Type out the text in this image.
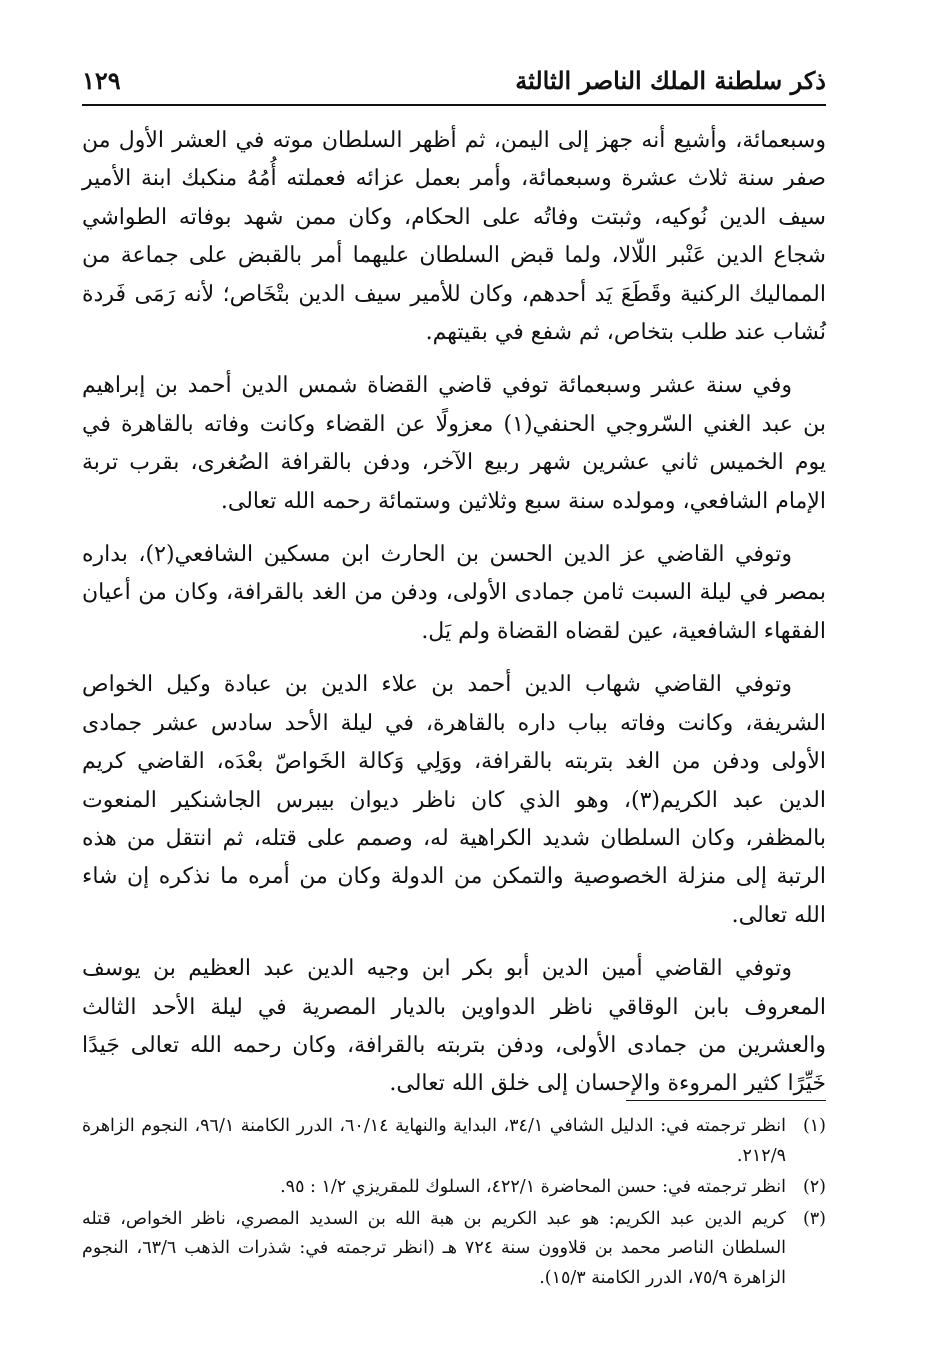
ذكر سلطنة الملك الناصر الثالثة
١٢٩

وسبعمائة، وأشيع أنه جهز إلى اليمن، ثم أظهر السلطان موته في العشر الأول من صفر سنة ثلاث عشرة وسبعمائة، وأمر بعمل عزائه فعملته أُمُهُ منكبك ابنة الأمير سيف الدين نُوكيه، وثبتت وفاتُه على الحكام، وكان ممن شهد بوفاته الطواشي شجاع الدين عَنْبر اللّالا، ولما قبض السلطان عليهما أمر بالقبض على جماعة من المماليك الركنية وقَطَعَ يَد أحدهم، وكان للأمير سيف الدين بتْخَاص؛ لأنه رَمَى فَردة نُشاب عند طلب بتخاص، ثم شفع في بقيتهم.

وفي سنة عشر وسبعمائة توفي قاضي القضاة شمس الدين أحمد بن إبراهيم بن عبد الغني السّروجي الحنفي(١) معزولًا عن القضاء وكانت وفاته بالقاهرة في يوم الخميس ثاني عشرين شهر ربيع الآخر، ودفن بالقرافة الصُغرى، بقرب تربة الإمام الشافعي، ومولده سنة سبع وثلاثين وستمائة رحمه الله تعالى.

وتوفي القاضي عز الدين الحسن بن الحارث ابن مسكين الشافعي(٢)، بداره بمصر في ليلة السبت ثامن جمادى الأولى، ودفن من الغد بالقرافة، وكان من أعيان الفقهاء الشافعية، عين لقضاه القضاة ولم يَل.

وتوفي القاضي شهاب الدين أحمد بن علاء الدين بن عبادة وكيل الخواص الشريفة، وكانت وفاته بباب داره بالقاهرة، في ليلة الأحد سادس عشر جمادى الأولى ودفن من الغد بتربته بالقرافة، ووَلِي وَكالة الخَواصّ بعْدَه، القاضي كريم الدين عبد الكريم(٣)، وهو الذي كان ناظر ديوان بيبرس الجاشنكير المنعوت بالمظفر، وكان السلطان شديد الكراهية له، وصمم على قتله، ثم انتقل من هذه الرتبة إلى منزلة الخصوصية والتمكن من الدولة وكان من أمره ما نذكره إن شاء الله تعالى.

وتوفي القاضي أمين الدين أبو بكر ابن وجيه الدين عبد العظيم بن يوسف المعروف بابن الوقاقي ناظر الدواوين بالديار المصرية في ليلة الأحد الثالث والعشرين من جمادى الأولى، ودفن بتربته بالقرافة، وكان رحمه الله تعالى جَيدًا خَيِّرًا كثير المروءة والإحسان إلى خلق الله تعالى.

(١)
انظر ترجمته في: الدليل الشافي ٣٤/١، البداية والنهاية ٦٠/١٤، الدرر الكامنة ٩٦/١، النجوم الزاهرة ٢١٢/٩.
(٢)
انظر ترجمته في: حسن المحاضرة ٤٢٢/١، السلوك للمقريزي ١/٢ : ٩٥.
(٣)
كريم الدين عبد الكريم: هو عبد الكريم بن هبة الله بن السديد المصري، ناظر الخواص، قتله السلطان الناصر محمد بن قلاوون سنة ٧٢٤ هـ (انظر ترجمته في: شذرات الذهب ٦٣/٦، النجوم الزاهرة ٧٥/٩، الدرر الكامنة ١٥/٣).
